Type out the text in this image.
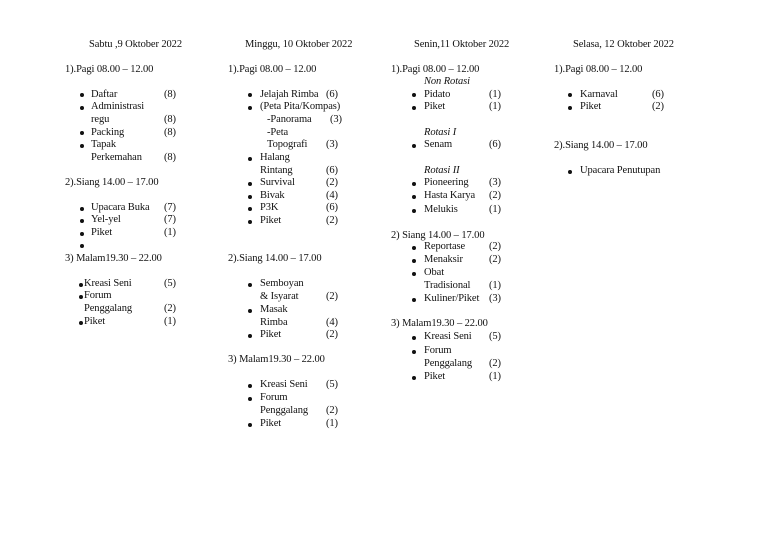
Sabtu ,9 Oktober 2022
1).Pagi 08.00 – 12.00
Daftar	(8)
Administrasi
regu	(8)
Packing	(8)
Tapak
Perkemahan (8)
2).Siang 14.00 – 17.00
Upacara Buka (7)
Yel-yel	(7)
Piket	(1)
3) Malam19.30 – 22.00
Kreasi Seni	(5)
Forum
Penggalang	(2)
Piket	(1)
Minggu, 10 Oktober 2022
1).Pagi 08.00 – 12.00
Jelajah Rimba (6)
(Peta Pita/Kompas)
-Panorama (3)
-Peta
Topografi (3)
Halang
Rintang	(6)
Survival	(2)
Bivak	(4)
P3K	(6)
Piket	(2)
2).Siang 14.00 – 17.00
Semboyan
& Isyarat	(2)
Masak
Rimba	(4)
Piket	(2)
3) Malam19.30 – 22.00
Kreasi Seni (5)
Forum
Penggalang (2)
Piket	(1)
Senin,11 Oktober 2022
1).Pagi 08.00 – 12.00
Non Rotasi
Pidato	(1)
Piket	(1)
Rotasi I
Senam	(6)
Rotasi II
Pioneering (3)
Hasta Karya (2)
Melukis	(1)
2) Siang 14.00 – 17.00
Reportase (2)
Menaksir (2)
Obat
Tradisional (1)
Kuliner/Piket (3)
3) Malam19.30 – 22.00
Kreasi Seni (5)
Forum
Penggalang (2)
Piket	(1)
Selasa, 12 Oktober 2022
1).Pagi 08.00 – 12.00
Karnaval	(6)
Piket	(2)
2).Siang 14.00 – 17.00
Upacara Penutupan
